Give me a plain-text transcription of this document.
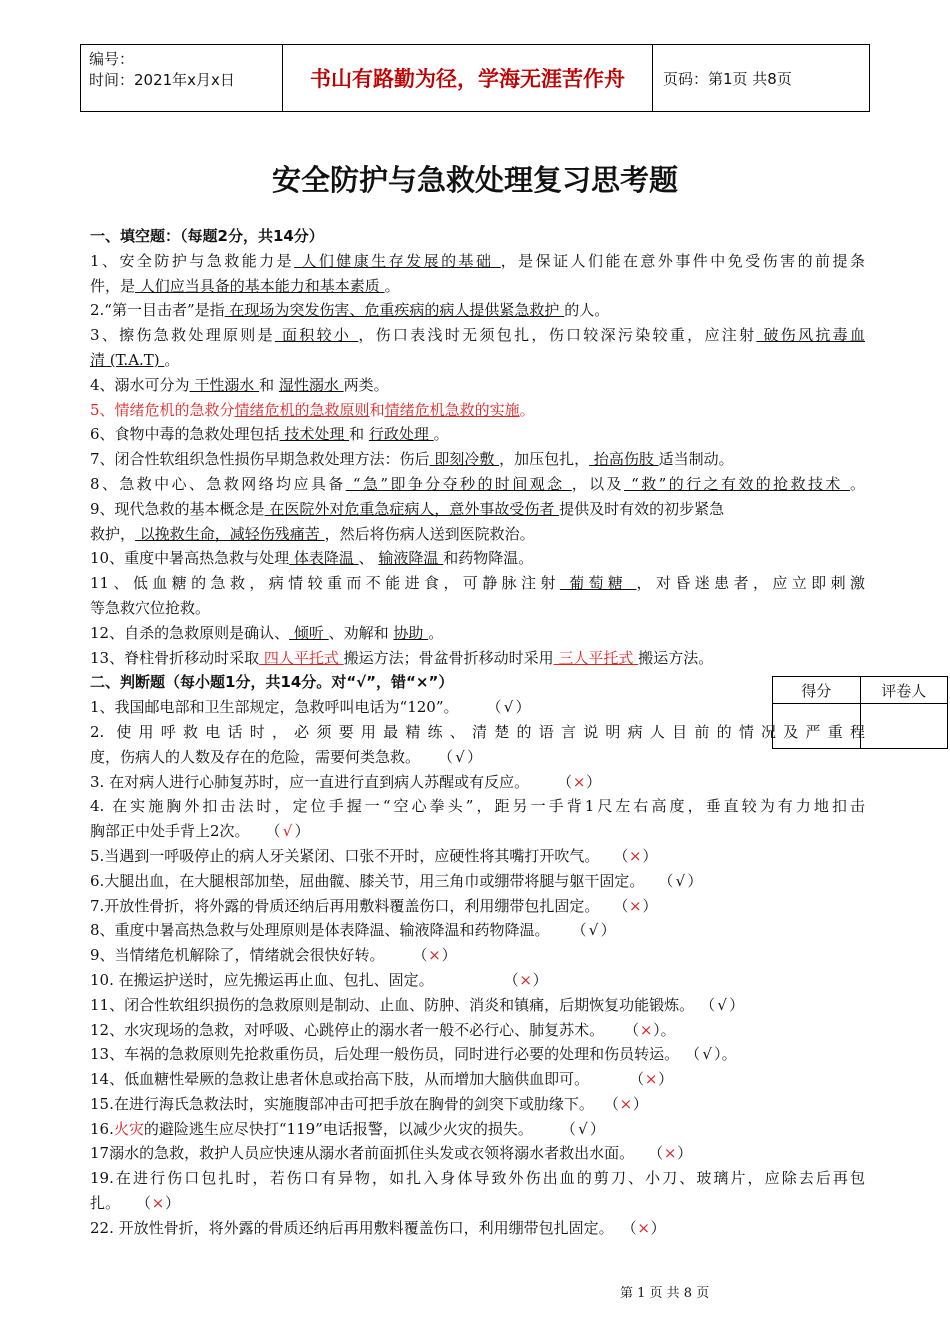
编号：
时间：2021年x月x日	书山有路勤为径，学海无涯苦作舟	页码：第1页 共8页
安全防护与急救处理复习思考题
得分	评卷人

一、填空题：（每题2分，共14分）
1、安全防护与急救能力是 人们健康生存发展的基础 ，是保证人们能在意外事件中免受伤害的前提条
件，是 人们应当具备的基本能力和基本素质 。
2.“第一目击者”是指 在现场为突发伤害、危重疾病的病人提供紧急救护 的人。
3、擦伤急救处理原则是 面积较小 ，伤口表浅时无须包扎，伤口较深污染较重，应注射 破伤风抗毒血
清 (T.A.T) 。
4、溺水可分为 干性溺水 和 湿性溺水 两类。
5、情绪危机的急救分情绪危机的急救原则和情绪危机急救的实施。
6、食物中毒的急救处理包括 技术处理 和 行政处理 。
7、闭合性软组织急性损伤早期急救处理方法：伤后 即刻冷敷 ，加压包扎， 抬高伤肢 适当制动。
8、急救中心、急救网络均应具备 “急”即争分夺秒的时间观念 ，以及 “救”的行之有效的抢救技术 。
9、现代急救的基本概念是 在医院外对危重急症病人，意外事故受伤者 提供及时有效的初步紧急
救护， 以挽救生命，减轻伤残痛苦 ，然后将伤病人送到医院救治。
10、重度中暑高热急救与处理 体表降温 、 输液降温 和药物降温。
11、低血糖的急救，病情较重而不能进食，可静脉注射 葡萄糖 ，对昏迷患者，应立即刺激
等急救穴位抢救。
12、自杀的急救原则是确认、 倾听 、劝解和 协助 。
13、脊柱骨折移动时采取 四人平托式 搬运方法；骨盆骨折移动时采用 三人平托式 搬运方法。
二、判断题（每小题1分，共14分。对“√”，错“×”）
1、我国邮电部和卫生部规定，急救呼叫电话为“120”。 （ √ ）
2. 使用呼救电话时，必须要用最精练、清楚的语言说明病人目前的情况及严重程
度，伤病人的人数及存在的危险，需要何类急救。 （ √ ）
3. 在对病人进行心肺复苏时，应一直进行直到病人苏醒或有反应。 （×）
4. 在实施胸外扣击法时，定位手握一“空心拳头”，距另一手背1尺左右高度，垂直较为有力地扣击
胸部正中处手背上2次。 （ √ ）
5.当遇到一呼吸停止的病人牙关紧闭、口张不开时，应硬性将其嘴打开吹气。 （×）
6.大腿出血，在大腿根部加垫，屈曲髋、膝关节，用三角巾或绷带将腿与躯干固定。 （ √ ）
7.开放性骨折，将外露的骨质还纳后再用敷料覆盖伤口，利用绷带包扎固定。 （×）
8、重度中暑高热急救与处理原则是体表降温、输液降温和药物降温。 （ √ ）
9、当情绪危机解除了，情绪就会很快好转。 （×）
10. 在搬运护送时，应先搬运再止血、包扎、固定。	（×）
11、闭合性软组织损伤的急救原则是制动、止血、防肿、消炎和镇痛，后期恢复功能锻炼。 （ √ ）
12、水灾现场的急救，对呼吸、心跳停止的溺水者一般不必行心、肺复苏术。 （×）。
13、车祸的急救原则先抢救重伤员，后处理一般伤员，同时进行必要的处理和伤员转运。 （ √ ）。
14、低血糖性晕厥的急救让患者休息或抬高下肢，从而增加大脑供血即可。	（×）
15.在进行海氏急救法时，实施腹部冲击可把手放在胸骨的剑突下或肋缘下。 （×）
16.火灾的避险逃生应尽快打“119”电话报警，以减少火灾的损失。 （ √ ）
17溺水的急救，救护人员应快速从溺水者前面抓住头发或衣领将溺水者救出水面。 （×）
19.在进行伤口包扎时，若伤口有异物，如扎入身体导致外伤出血的剪刀、小刀、玻璃片，应除去后再包
扎。 （×）
22. 开放性骨折，将外露的骨质还纳后再用敷料覆盖伤口，利用绷带包扎固定。 （×）
第 1 页 共 8 页
